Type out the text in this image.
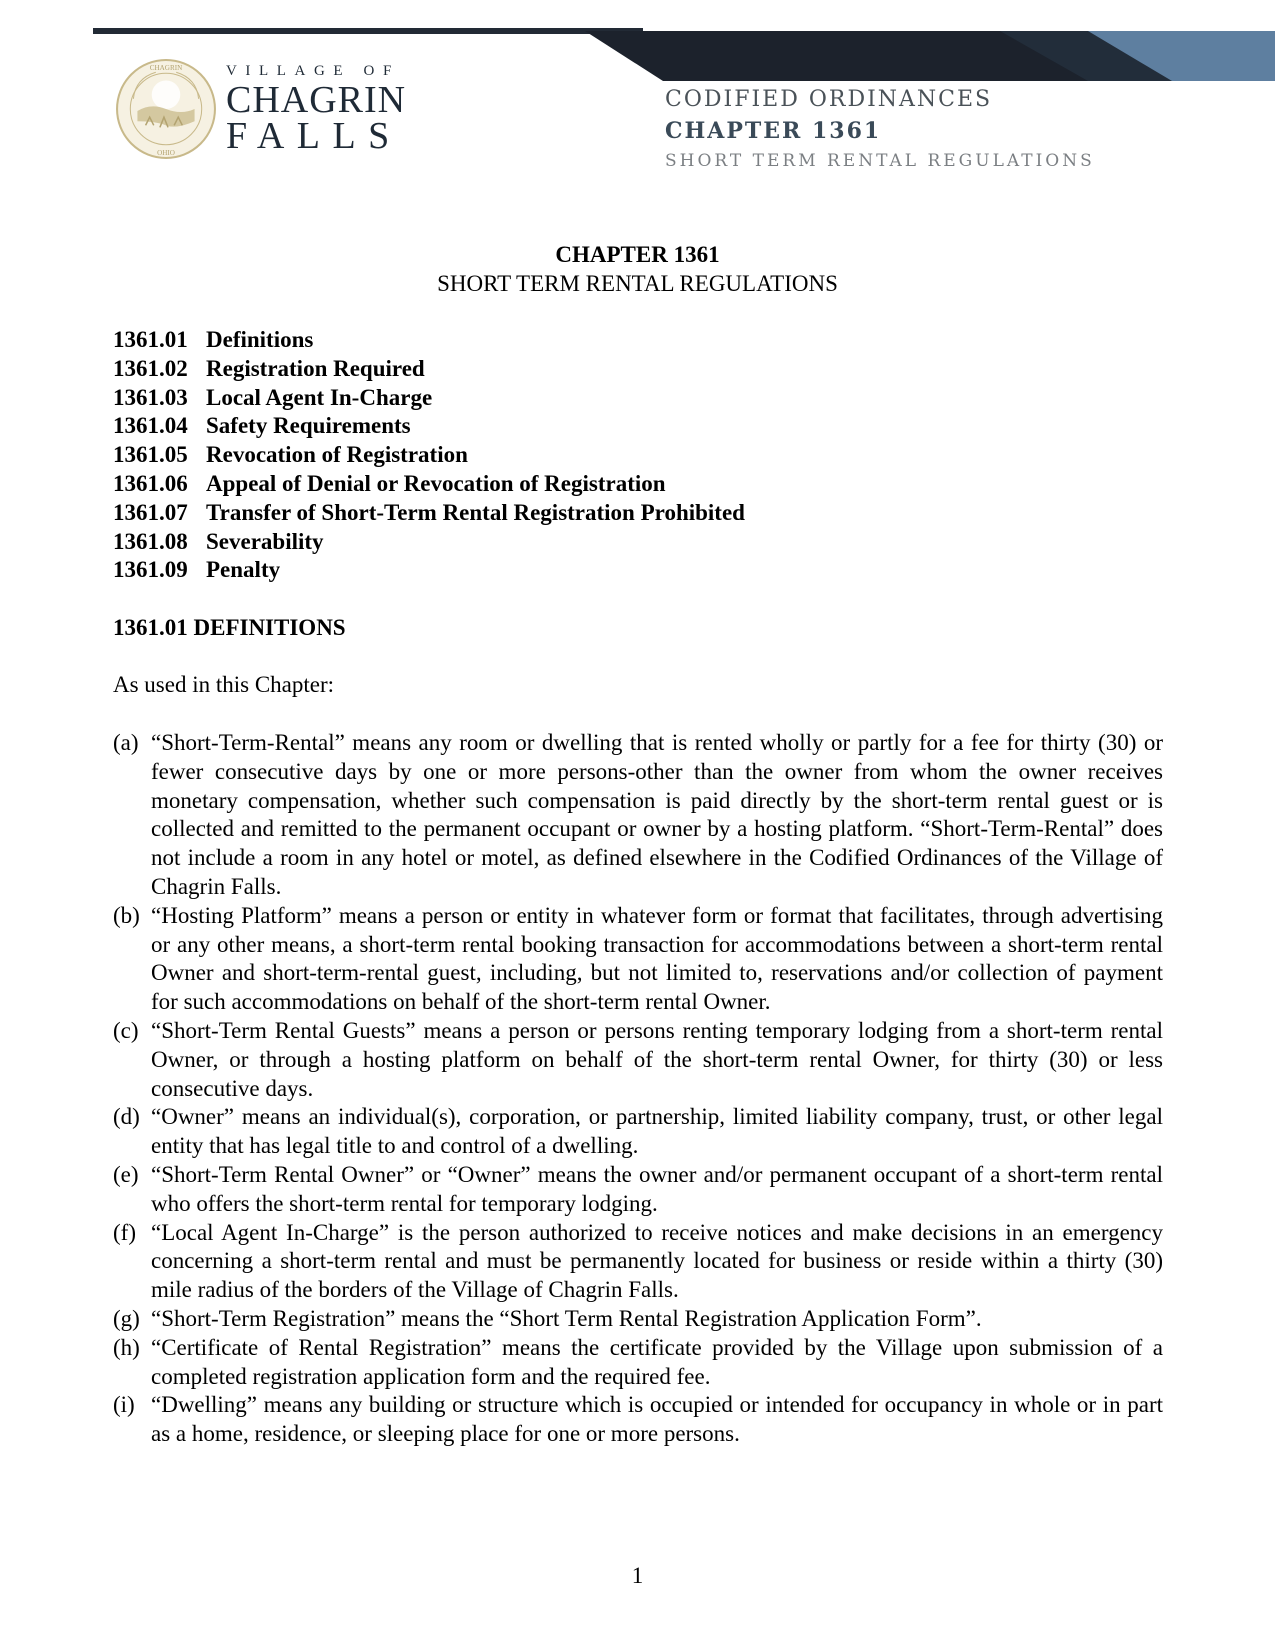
CHAGRIN
OHIO
VILLAGE OF
CHAGRIN
FALLS
CODIFIED ORDINANCES
CHAPTER 1361
SHORT TERM RENTAL REGULATIONS
CHAPTER 1361
SHORT TERM RENTAL REGULATIONS
1361.01 Definitions
1361.02 Registration Required
1361.03 Local Agent In-Charge
1361.04 Safety Requirements
1361.05 Revocation of Registration
1361.06 Appeal of Denial or Revocation of Registration
1361.07 Transfer of Short-Term Rental Registration Prohibited
1361.08 Severability
1361.09 Penalty
1361.01 DEFINITIONS
As used in this Chapter:
(a) “Short-Term-Rental” means any room or dwelling that is rented wholly or partly for a fee for thirty (30) or fewer consecutive days by one or more persons-other than the owner from whom the owner receives monetary compensation, whether such compensation is paid directly by the short-term rental guest or is collected and remitted to the permanent occupant or owner by a hosting platform. “Short-Term-Rental” does not include a room in any hotel or motel, as defined elsewhere in the Codified Ordinances of the Village of Chagrin Falls.
(b) “Hosting Platform” means a person or entity in whatever form or format that facilitates, through advertising or any other means, a short-term rental booking transaction for accommodations between a short-term rental Owner and short-term-rental guest, including, but not limited to, reservations and/or collection of payment for such accommodations on behalf of the short-term rental Owner.
(c) “Short-Term Rental Guests” means a person or persons renting temporary lodging from a short-term rental Owner, or through a hosting platform on behalf of the short-term rental Owner, for thirty (30) or less consecutive days.
(d) “Owner” means an individual(s), corporation, or partnership, limited liability company, trust, or other legal entity that has legal title to and control of a dwelling.
(e) “Short-Term Rental Owner” or “Owner” means the owner and/or permanent occupant of a short-term rental who offers the short-term rental for temporary lodging.
(f) “Local Agent In-Charge” is the person authorized to receive notices and make decisions in an emergency concerning a short-term rental and must be permanently located for business or reside within a thirty (30) mile radius of the borders of the Village of Chagrin Falls.
(g) “Short-Term Registration” means the “Short Term Rental Registration Application Form”.
(h) “Certificate of Rental Registration” means the certificate provided by the Village upon submission of a completed registration application form and the required fee.
(i) “Dwelling” means any building or structure which is occupied or intended for occupancy in whole or in part as a home, residence, or sleeping place for one or more persons.
1
